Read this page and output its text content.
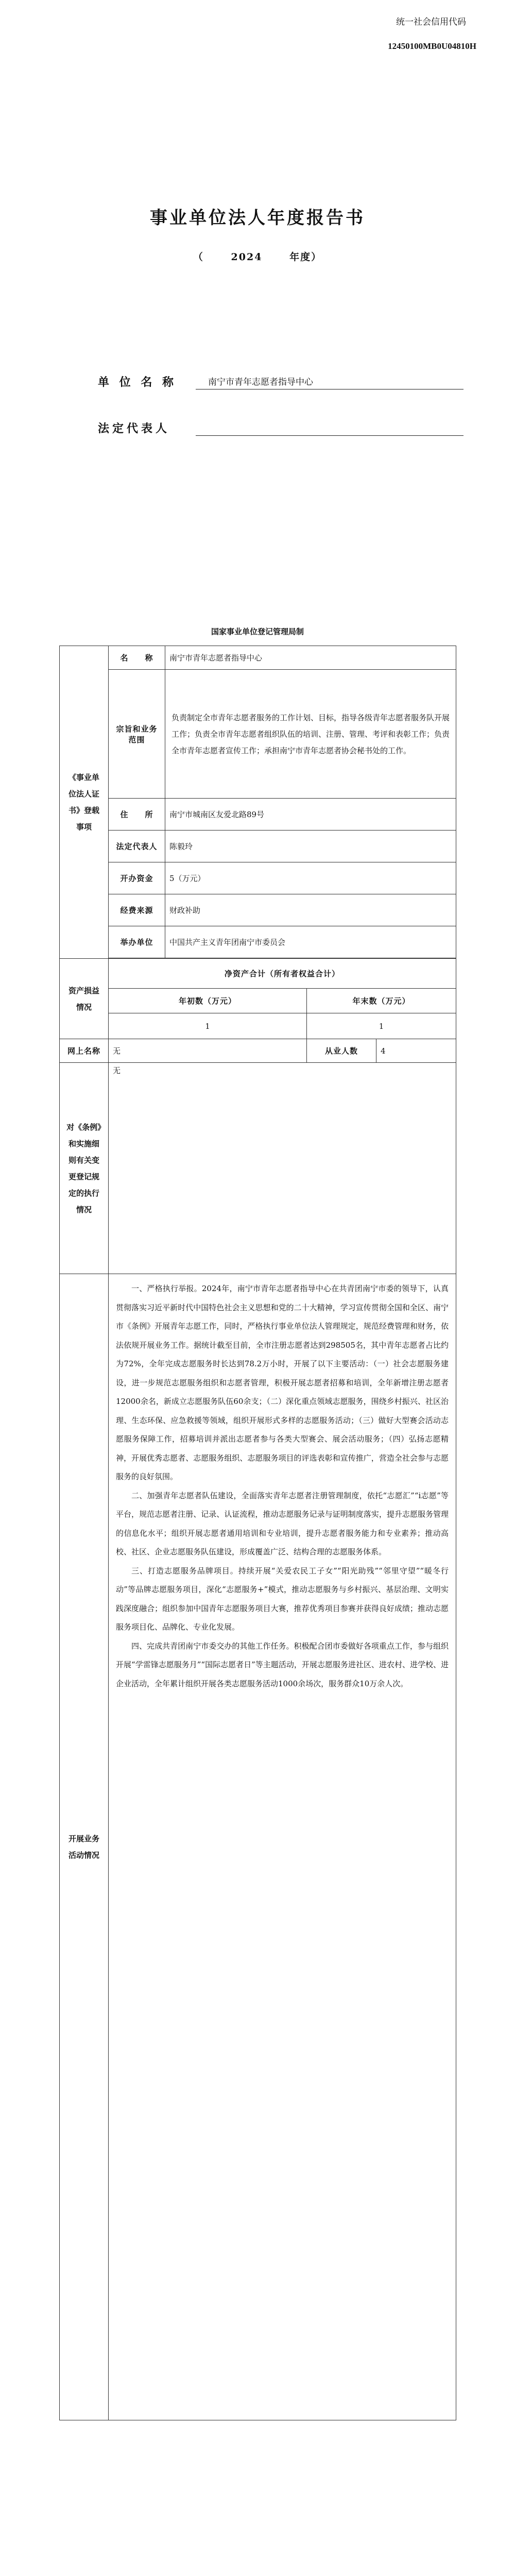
统一社会信用代码
12450100MB0U04810H
事业单位法人年度报告书
（	2024	年度）
单 位 名 称	南宁市青年志愿者指导中心
法定代表人
国家事业单位登记管理局制
《事业单位法人证书》登载事项	名　　称	南宁市青年志愿者指导中心		
	宗旨和业务范围	负责制定全市青年志愿者服务的工作计划、目标，指导各级青年志愿者服务队开展工作；负责全市青年志愿者组织队伍的培训、注册、管理、考评和表彰工作；负责全市青年志愿者宣传工作；承担南宁市青年志愿者协会秘书处的工作。		
	住　　所	南宁市城南区友爱北路89号		
	法定代表人	陈毅玲		
	开办资金	5（万元）		
	经费来源	财政补助		
	举办单位	中国共产主义青年团南宁市委员会		

资产损益情况	净资产合计（所有者权益合计）			
	年初数（万元）		年末数（万元）	
	1		1	
网上名称	无		从业人数	4
对《条例》和实施细则有关变更登记规定的执行情况	无			
开展业务活动情况	一、严格执行举报。2024年，南宁市青年志愿者指导中心在共青团南宁市委的领导下，认真贯彻落实习近平新时代中国特色社会主义思想和党的二十大精神，学习宣传贯彻全国和全区、南宁市《条例》开展青年志愿工作，同时，严格执行事业单位法人管理规定，规范经费管理和财务，依法依规开展业务工作。据统计截至目前，全市注册志愿者达到298505名，其中青年志愿者占比约为72%，全年完成志愿服务时长达到78.2万小时，开展了以下主要活动：（一）社会志愿服务建设，进一步规范志愿服务组织和志愿者管理，积极开展志愿者招募和培训，全年新增注册志愿者12000余名，新成立志愿服务队伍60余支；（二）深化重点领域志愿服务，围绕乡村振兴、社区治理、生态环保、应急救援等领域，组织开展形式多样的志愿服务活动；（三）做好大型赛会活动志愿服务保障工作，招募培训并派出志愿者参与各类大型赛会、展会活动服务；（四）弘扬志愿精神，开展优秀志愿者、志愿服务组织、志愿服务项目的评选表彰和宣传推广，营造全社会参与志愿服务的良好氛围。

二、加强青年志愿者队伍建设，全面落实青年志愿者注册管理制度，依托“志愿汇”“i志愿”等平台，规范志愿者注册、记录、认证流程，推动志愿服务记录与证明制度落实，提升志愿服务管理的信息化水平；组织开展志愿者通用培训和专业培训，提升志愿者服务能力和专业素养；推动高校、社区、企业志愿服务队伍建设，形成覆盖广泛、结构合理的志愿服务体系。

三、打造志愿服务品牌项目。持续开展“关爱农民工子女”“阳光助残”“邻里守望”“暖冬行动”等品牌志愿服务项目，深化“志愿服务+”模式，推动志愿服务与乡村振兴、基层治理、文明实践深度融合；组织参加中国青年志愿服务项目大赛，推荐优秀项目参赛并获得良好成绩；推动志愿服务项目化、品牌化、专业化发展。

四、完成共青团南宁市委交办的其他工作任务。积极配合团市委做好各项重点工作，参与组织开展“学雷锋志愿服务月”“国际志愿者日”等主题活动，开展志愿服务进社区、进农村、进学校、进企业活动，全年累计组织开展各类志愿服务活动1000余场次，服务群众10万余人次。			
